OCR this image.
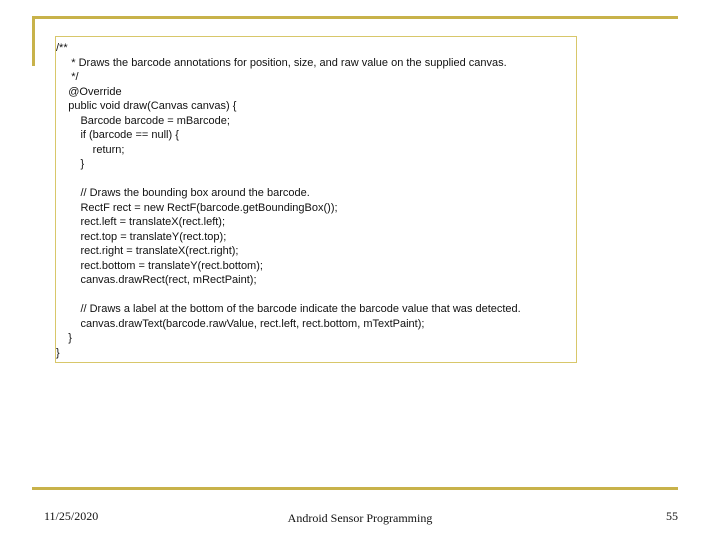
/**
* Draws the barcode annotations for position, size, and raw value on the supplied canvas.
*/
@Override
public void draw(Canvas canvas) {
Barcode barcode = mBarcode;
if (barcode == null) {
return;
}
// Draws the bounding box around the barcode.
RectF rect = new RectF(barcode.getBoundingBox());
rect.left = translateX(rect.left);
rect.top = translateY(rect.top);
rect.right = translateX(rect.right);
rect.bottom = translateY(rect.bottom);
canvas.drawRect(rect, mRectPaint);
// Draws a label at the bottom of the barcode indicate the barcode value that was detected.
canvas.drawText(barcode.rawValue, rect.left, rect.bottom, mTextPaint);
}
}
11/25/2020	Android Sensor Programming	55
